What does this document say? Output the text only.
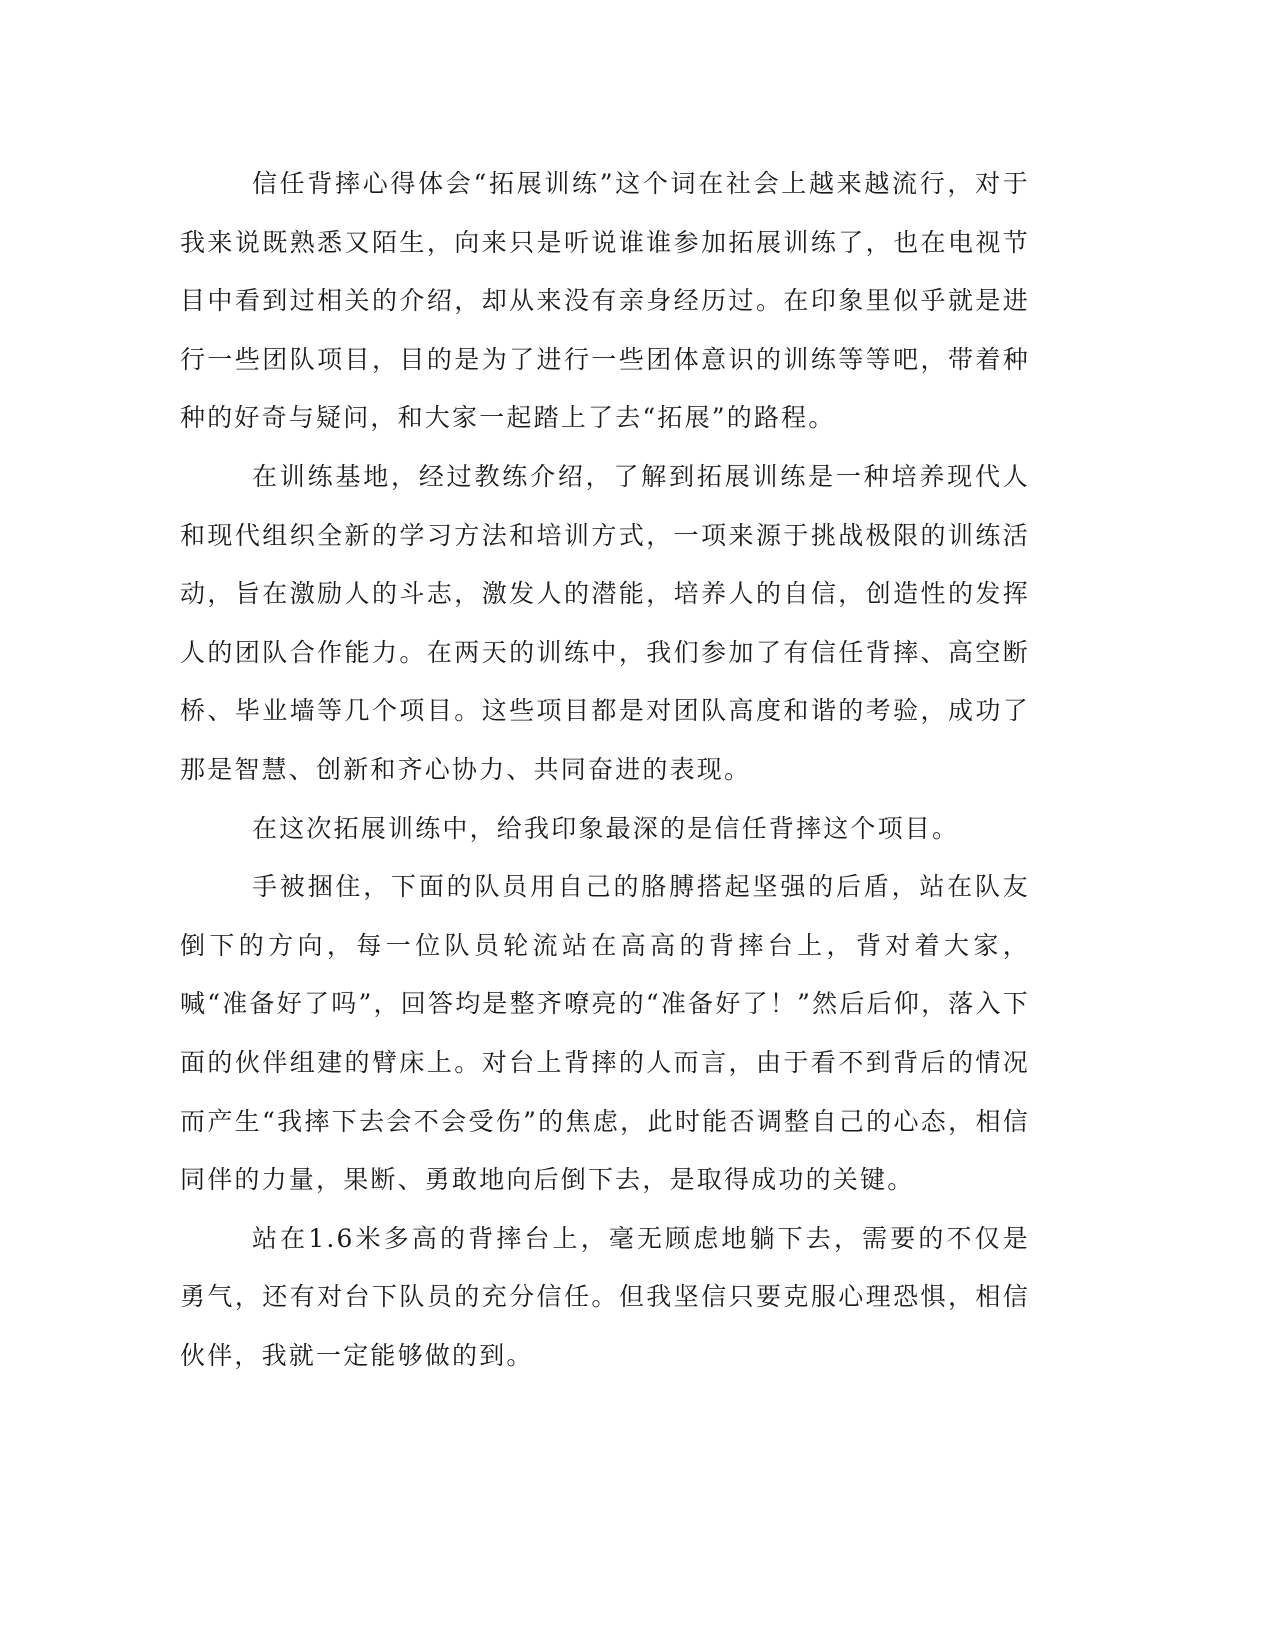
信任背摔心得体会“拓展训练”这个词在社会上越来越流行，对于我来说既熟悉又陌生，向来只是听说谁谁参加拓展训练了，也在电视节目中看到过相关的介绍，却从来没有亲身经历过。在印象里似乎就是进行一些团队项目，目的是为了进行一些团体意识的训练等等吧，带着种种的好奇与疑问，和大家一起踏上了去“拓展”的路程。

在训练基地，经过教练介绍，了解到拓展训练是一种培养现代人和现代组织全新的学习方法和培训方式，一项来源于挑战极限的训练活动，旨在激励人的斗志，激发人的潜能，培养人的自信，创造性的发挥人的团队合作能力。在两天的训练中，我们参加了有信任背摔、高空断桥、毕业墙等几个项目。这些项目都是对团队高度和谐的考验，成功了那是智慧、创新和齐心协力、共同奋进的表现。

在这次拓展训练中，给我印象最深的是信任背摔这个项目。

手被捆住，下面的队员用自己的胳膊搭起坚强的后盾，站在队友倒下的方向，每一位队员轮流站在高高的背摔台上，背对着大家，喊“准备好了吗”，回答均是整齐嘹亮的“准备好了！”然后后仰，落入下面的伙伴组建的臂床上。对台上背摔的人而言，由于看不到背后的情况而产生“我摔下去会不会受伤”的焦虑，此时能否调整自己的心态，相信同伴的力量，果断、勇敢地向后倒下去，是取得成功的关键。

站在1.6米多高的背摔台上，毫无顾虑地躺下去，需要的不仅是勇气，还有对台下队员的充分信任。但我坚信只要克服心理恐惧，相信伙伴，我就一定能够做的到。
